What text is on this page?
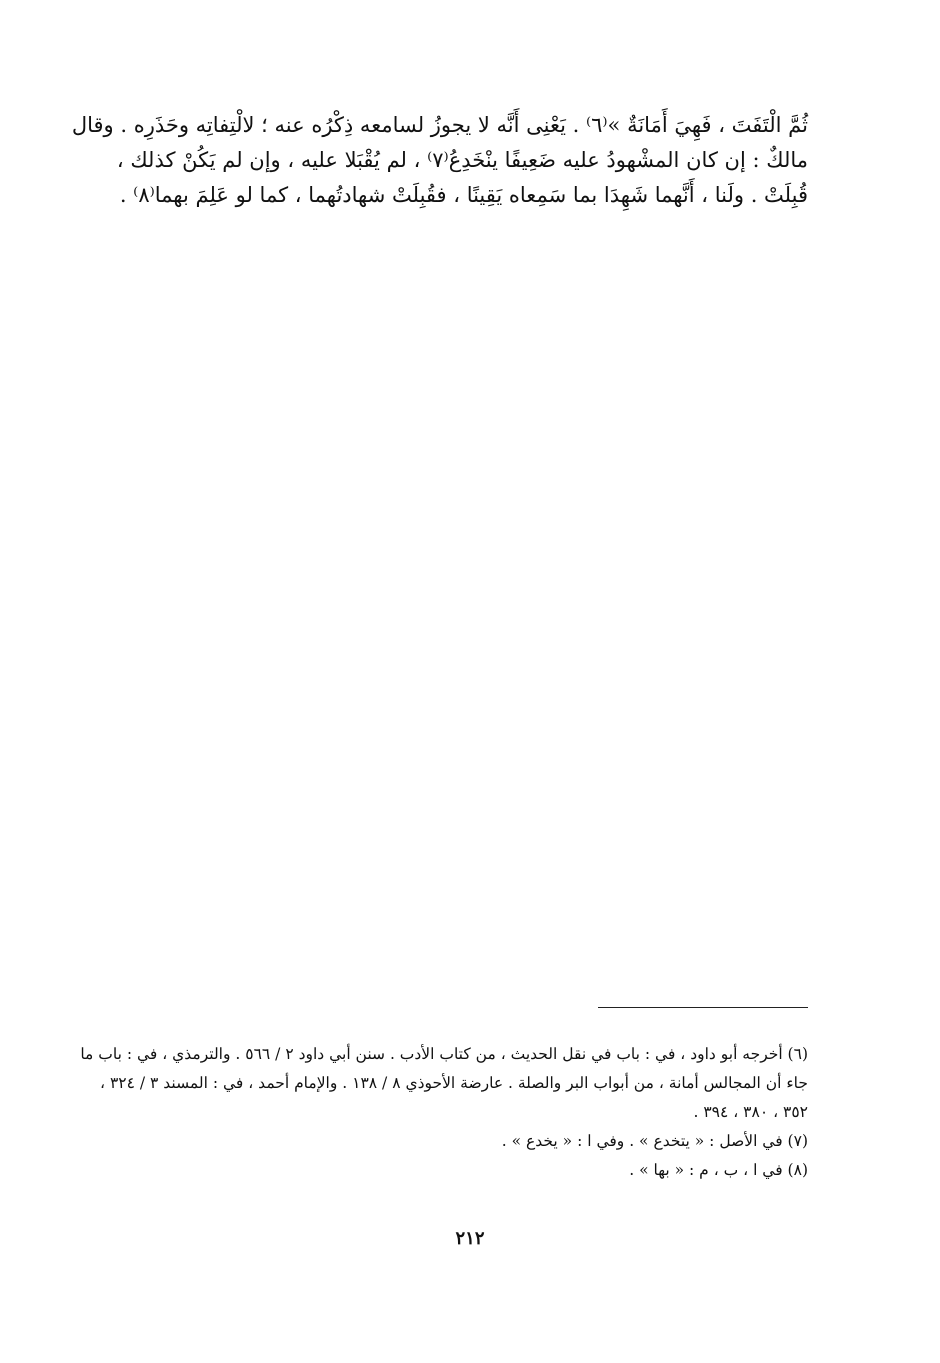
ثُمَّ الْتَفَتَ ، فَهِيَ أَمَانَةٌ »⁽٦⁾ . يَعْنِى أَنَّه لا يجوزُ لسامعه ذِكْرُه عنه ؛ لالْتِفاتِه وحَذَرِه . وقال
مالكٌ : إن كان المشْهودُ عليه ضَعِيفًا ينْخَدِعُ⁽٧⁾ ، لم يُقْبَلا عليه ، وإن لم يَكُنْ كذلك ،
قُبِلَتْ . ولَنا ، أَنَّهما شَهِدَا بما سَمِعاه يَقِينًا ، فقُبِلَتْ شهادتُهما ، كما لو عَلِمَ بهما⁽٨⁾ .
(٦) أخرجه أبو داود ، في : باب في نقل الحديث ، من كتاب الأدب . سنن أبي داود ٢ / ٥٦٦ . والترمذي ، في : باب ما
جاء أن المجالس أمانة ، من أبواب البر والصلة . عارضة الأحوذي ٨ / ١٣٨ . والإمام أحمد ، في : المسند ٣ / ٣٢٤ ،
٣٥٢ ، ٣٨٠ ، ٣٩٤ .
(٧) في الأصل : « يتخدع » . وفي ا : « يخدع » .
(٨) في ا ، ب ، م : « بها » .
٢١٢
